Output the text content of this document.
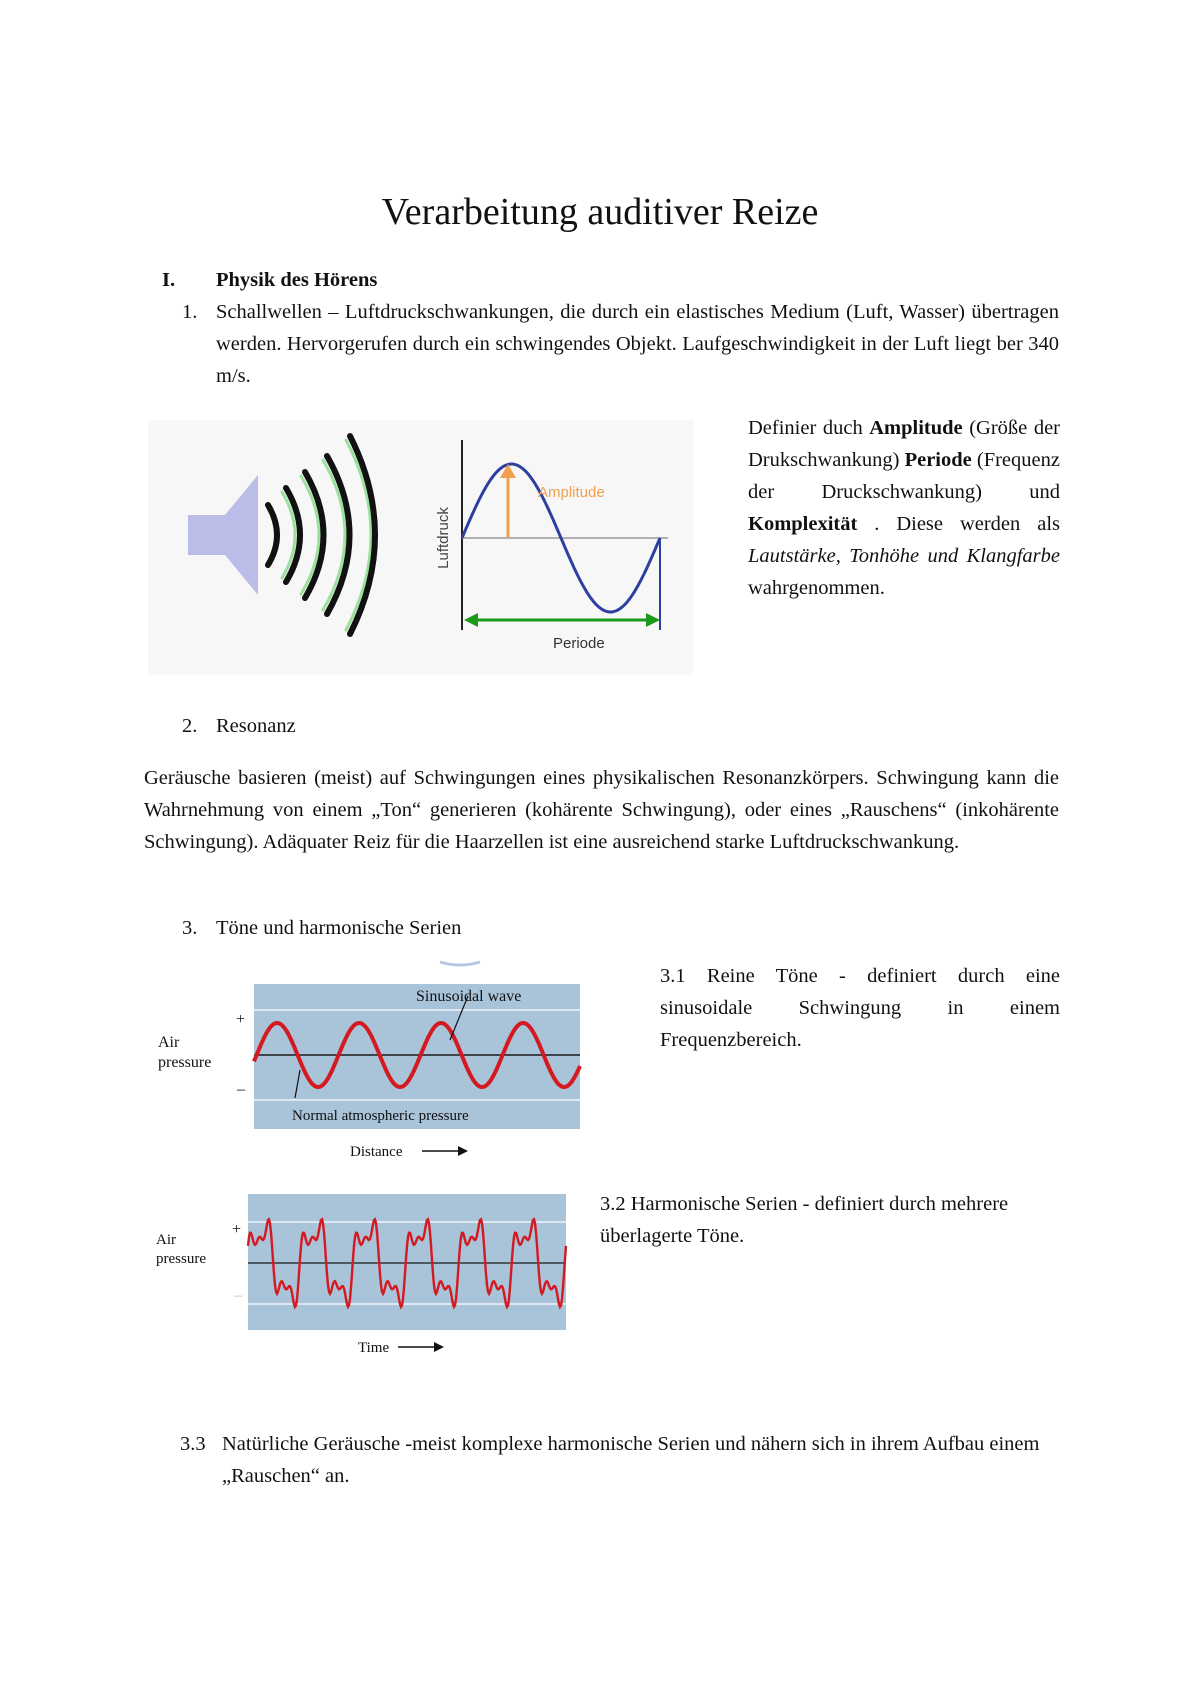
Verarbeitung auditiver Reize
I. Physik des Hörens
1. Schallwellen – Luftdruckschwankungen, die durch ein elastisches Medium (Luft, Wasser) übertragen werden. Hervorgerufen durch ein schwingendes Objekt. Laufgeschwindigkeit in der Luft liegt ber 340 m/s.
Luftdruck
Amplitude
Periode
Definier duch Amplitude (Größe der Drukschwankung) Periode (Frequenz der Druckschwankung) und Komplexität . Diese werden als Lautstärke, Tonhöhe und Klangfarbe wahrgenommen.
2. Resonanz
Geräusche basieren (meist) auf Schwingungen eines physikalischen Resonanzkörpers. Schwingung kann die Wahrnehmung von einem „Ton“ generieren (kohärente Schwingung), oder eines „Rauschens“ (inkohärente Schwingung). Adäquater Reiz für die Haarzellen ist eine ausreichend starke Luftdruckschwankung.
3. Töne und harmonische Serien
Sinusoidal wave
Normal atmospheric pressure
+
–
Air
pressure
Distance
3.1 Reine Töne - definiert durch eine sinusoidale Schwingung in einem Frequenzbereich.
+
–
Air
pressure
Time
3.2 Harmonische Serien - definiert durch mehrere überlagerte Töne.
3.3 Natürliche Geräusche -meist komplexe harmonische Serien und nähern sich in ihrem Aufbau einem „Rauschen“ an.
